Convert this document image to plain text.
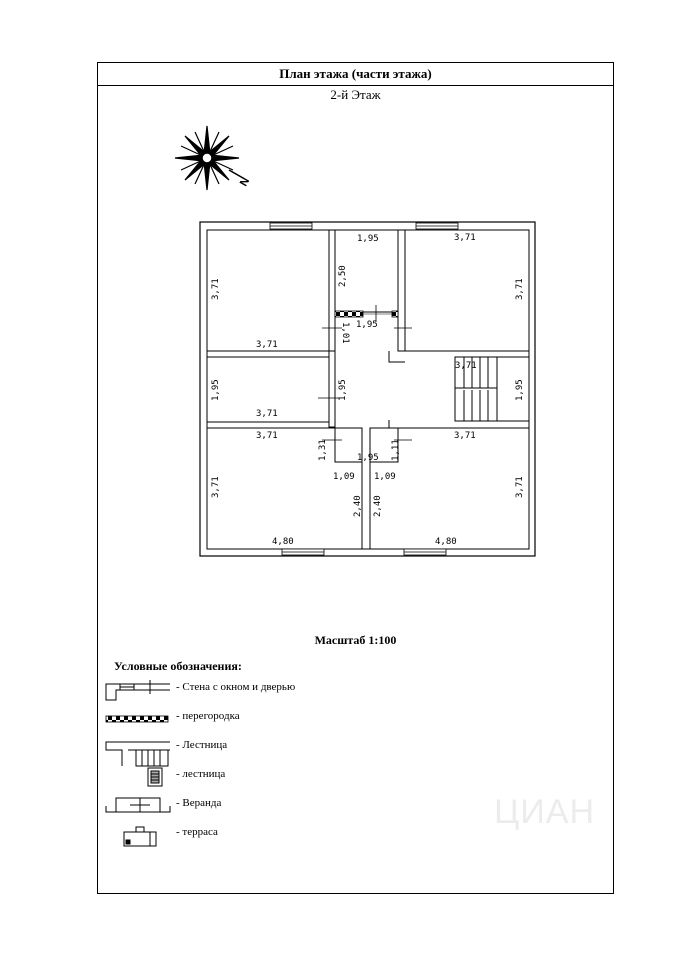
План этажа (части этажа)
2-й Этаж
Масштаб 1:100
Условные обозначения:
- Стена с окном и дверью
- перегородка
- Лестница
- лестница
- Веранда
- терраса
ЦИАН
N
1,95	3,71
3,71
1,95
3,71
3,71
3,71	3,71
1,95
1,09 1,09
4,80	4,80
3,71
2,50
3,71
1,01
1,95	1,95	1,95
1,31	1,11
3,71	3,71
2,40 2,40
